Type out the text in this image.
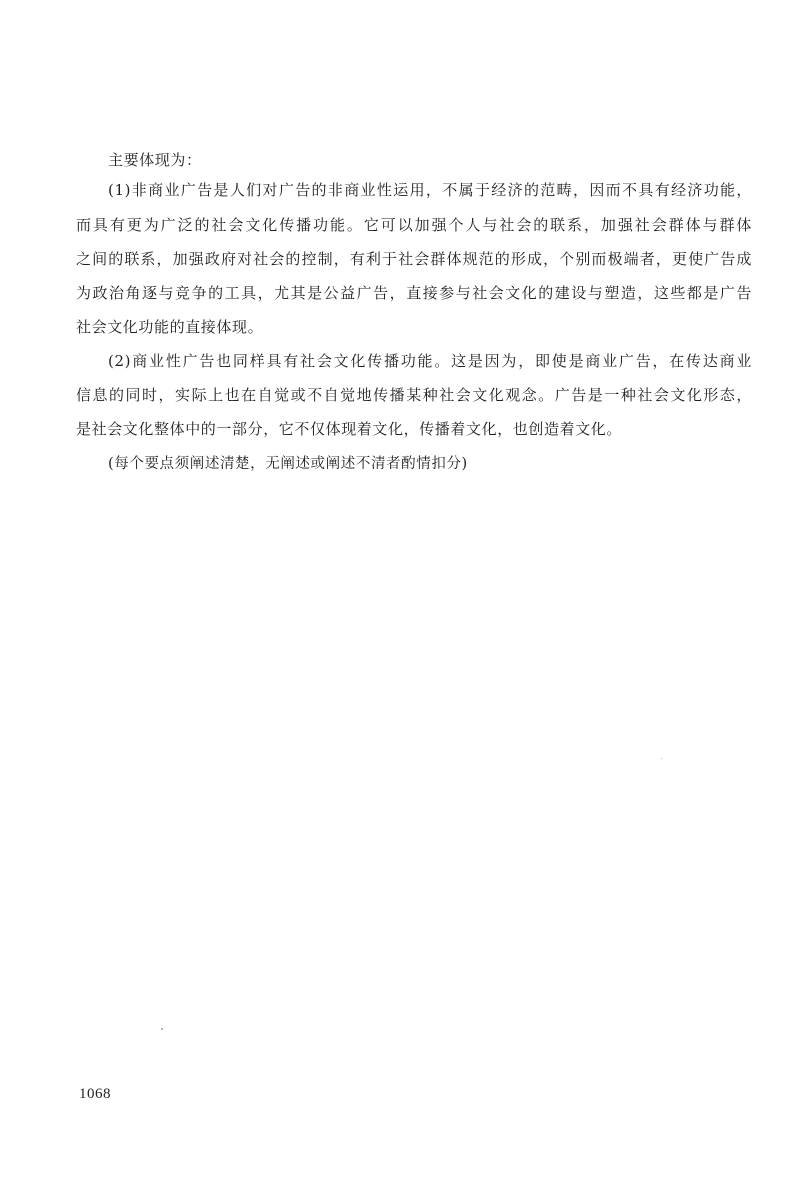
主要体现为：
(1)非商业广告是人们对广告的非商业性运用，不属于经济的范畴，因而不具有经济功能，
而具有更为广泛的社会文化传播功能。它可以加强个人与社会的联系，加强社会群体与群体
之间的联系，加强政府对社会的控制，有利于社会群体规范的形成，个别而极端者，更使广告成
为政治角逐与竞争的工具，尤其是公益广告，直接参与社会文化的建设与塑造，这些都是广告
社会文化功能的直接体现。
(2)商业性广告也同样具有社会文化传播功能。这是因为，即使是商业广告，在传达商业
信息的同时，实际上也在自觉或不自觉地传播某种社会文化观念。广告是一种社会文化形态，
是社会文化整体中的一部分，它不仅体现着文化，传播着文化，也创造着文化。
(每个要点须阐述清楚，无阐述或阐述不清者酌情扣分)
1068
